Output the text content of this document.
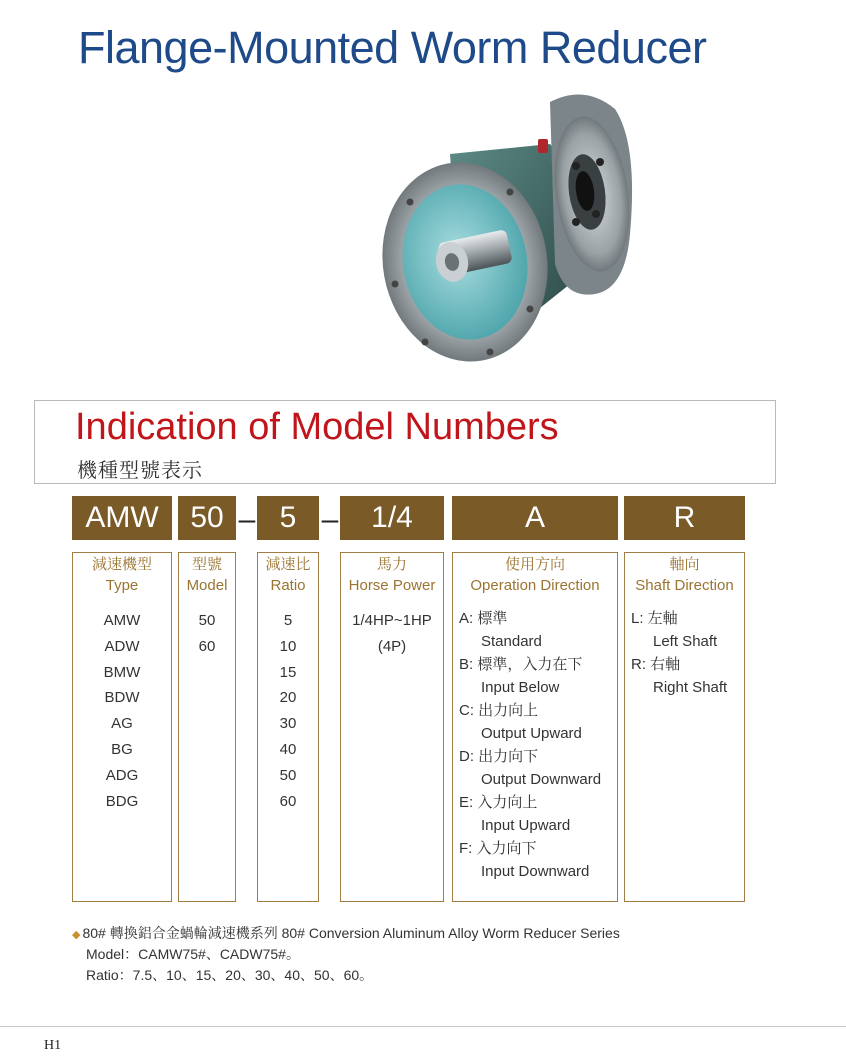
Flange-Mounted Worm Reducer
Indication of Model Numbers
機種型號表示
AMW	50 – 5 –	1/4	A	R
減速機型
Type
AMW
ADW
BMW
BDW
AG
BG
ADG
BDG
型號
Model
50
60
減速比
Ratio
5
10
15
20
30
40
50
60
馬力
Horse Power
1/4HP~1HP
(4P)
使用方向
Operation Direction
A: 標準
Standard
B: 標準，入力在下
Input Below
C: 出力向上
Output Upward
D: 出力向下
Output Downward
E: 入力向上
Input Upward
F: 入力向下
Input Downward
軸向
Shaft Direction
L: 左軸
Left Shaft
R: 右軸
Right Shaft
◆ 80# 轉換鋁合金蝸輪減速機系列 80# Conversion Aluminum Alloy Worm Reducer Series
Model：CAMW75#、CADW75#。
Ratio：7.5、10、15、20、30、40、50、60。
H1
